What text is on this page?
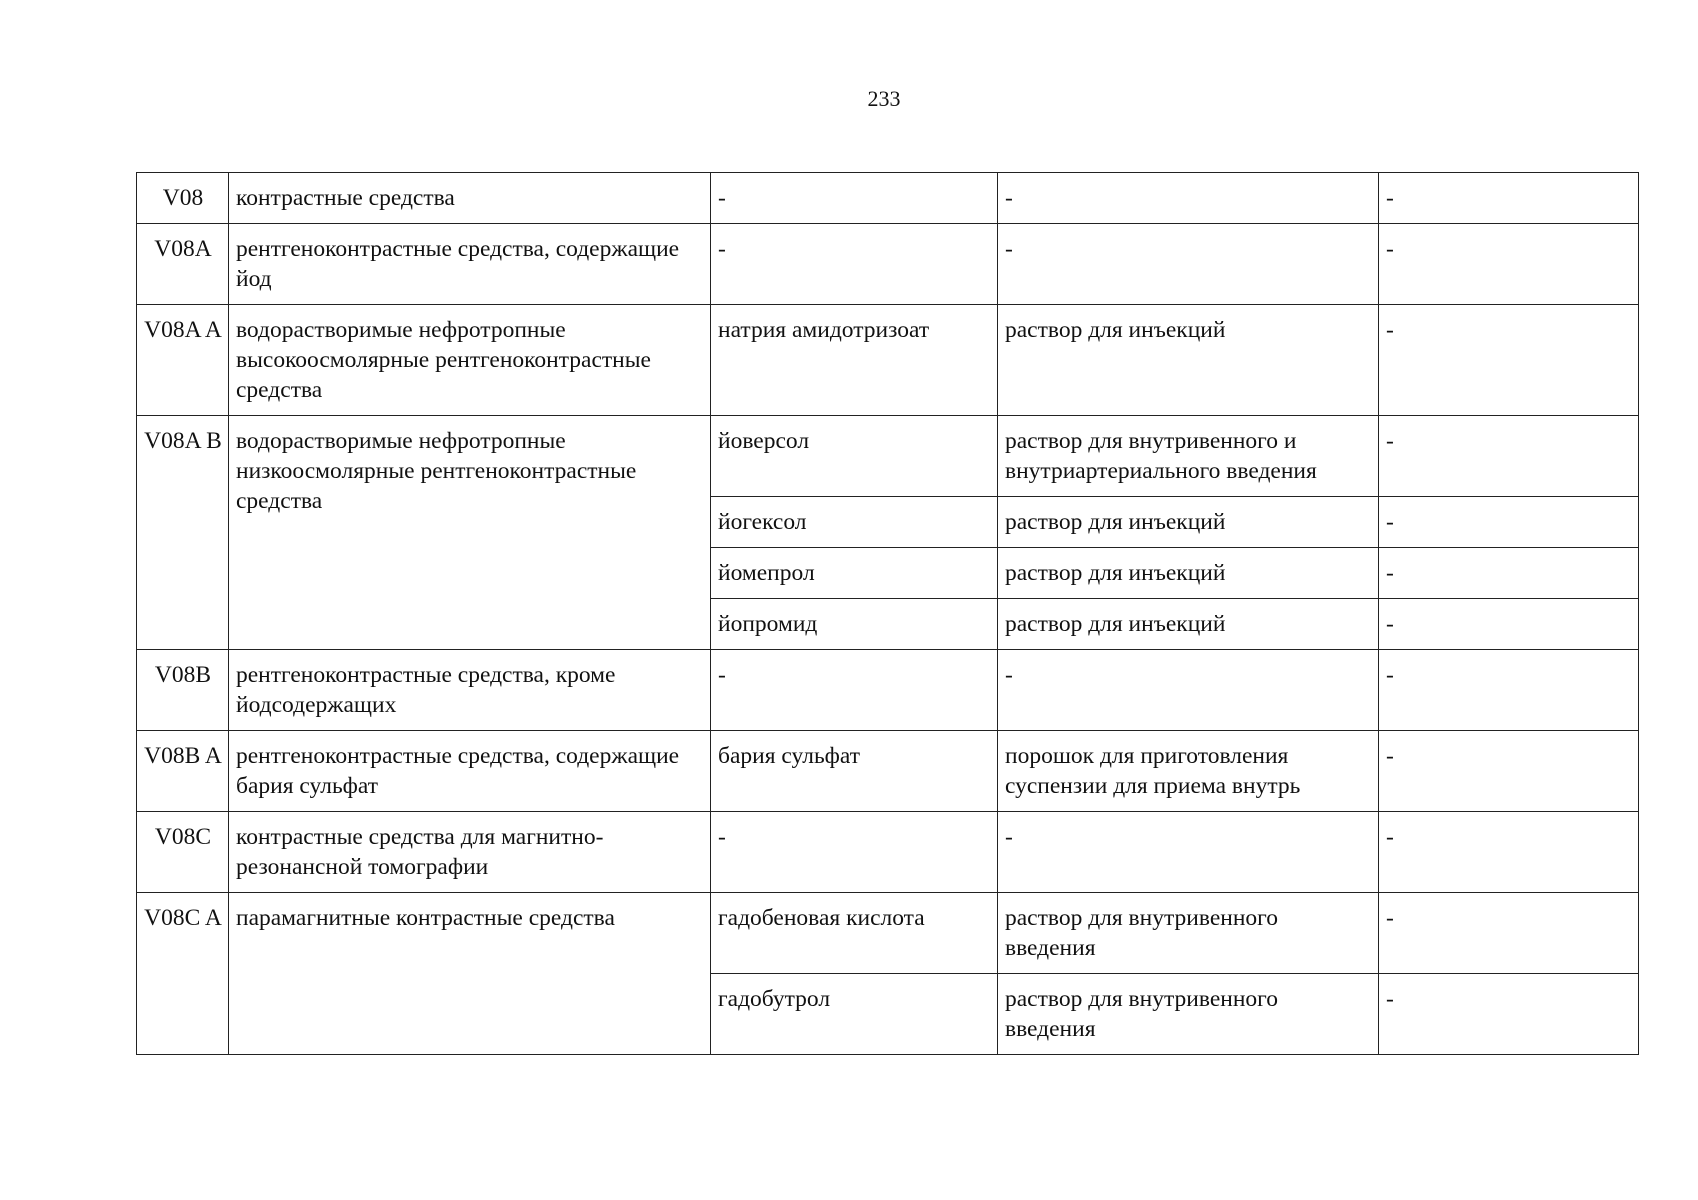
233
V08	контрастные средства	-	-	-
V08A	рентгеноконтрастные средства, содержащие йод	-	-	-
V08A A	водорастворимые нефротропные высокоосмолярные рентгеноконтрастные средства	натрия амидотризоат	раствор для инъекций	-
V08A B	водорастворимые нефротропные низкоосмолярные рентгеноконтрастные средства	йоверсол	раствор для внутривенного и внутриартериального введения	-
		йогексол	раствор для инъекций	-
		йомепрол	раствор для инъекций	-
		йопромид	раствор для инъекций	-
V08B	рентгеноконтрастные средства, кроме йодсодержащих	-	-	-
V08B A	рентгеноконтрастные средства, содержащие бария сульфат	бария сульфат	порошок для приготовления суспензии для приема внутрь	-
V08C	контрастные средства для магнитно-резонансной томографии	-	-	-
V08C A	парамагнитные контрастные средства	гадобеновая кислота	раствор для внутривенного введения	-
		гадобутрол	раствор для внутривенного введения	-
